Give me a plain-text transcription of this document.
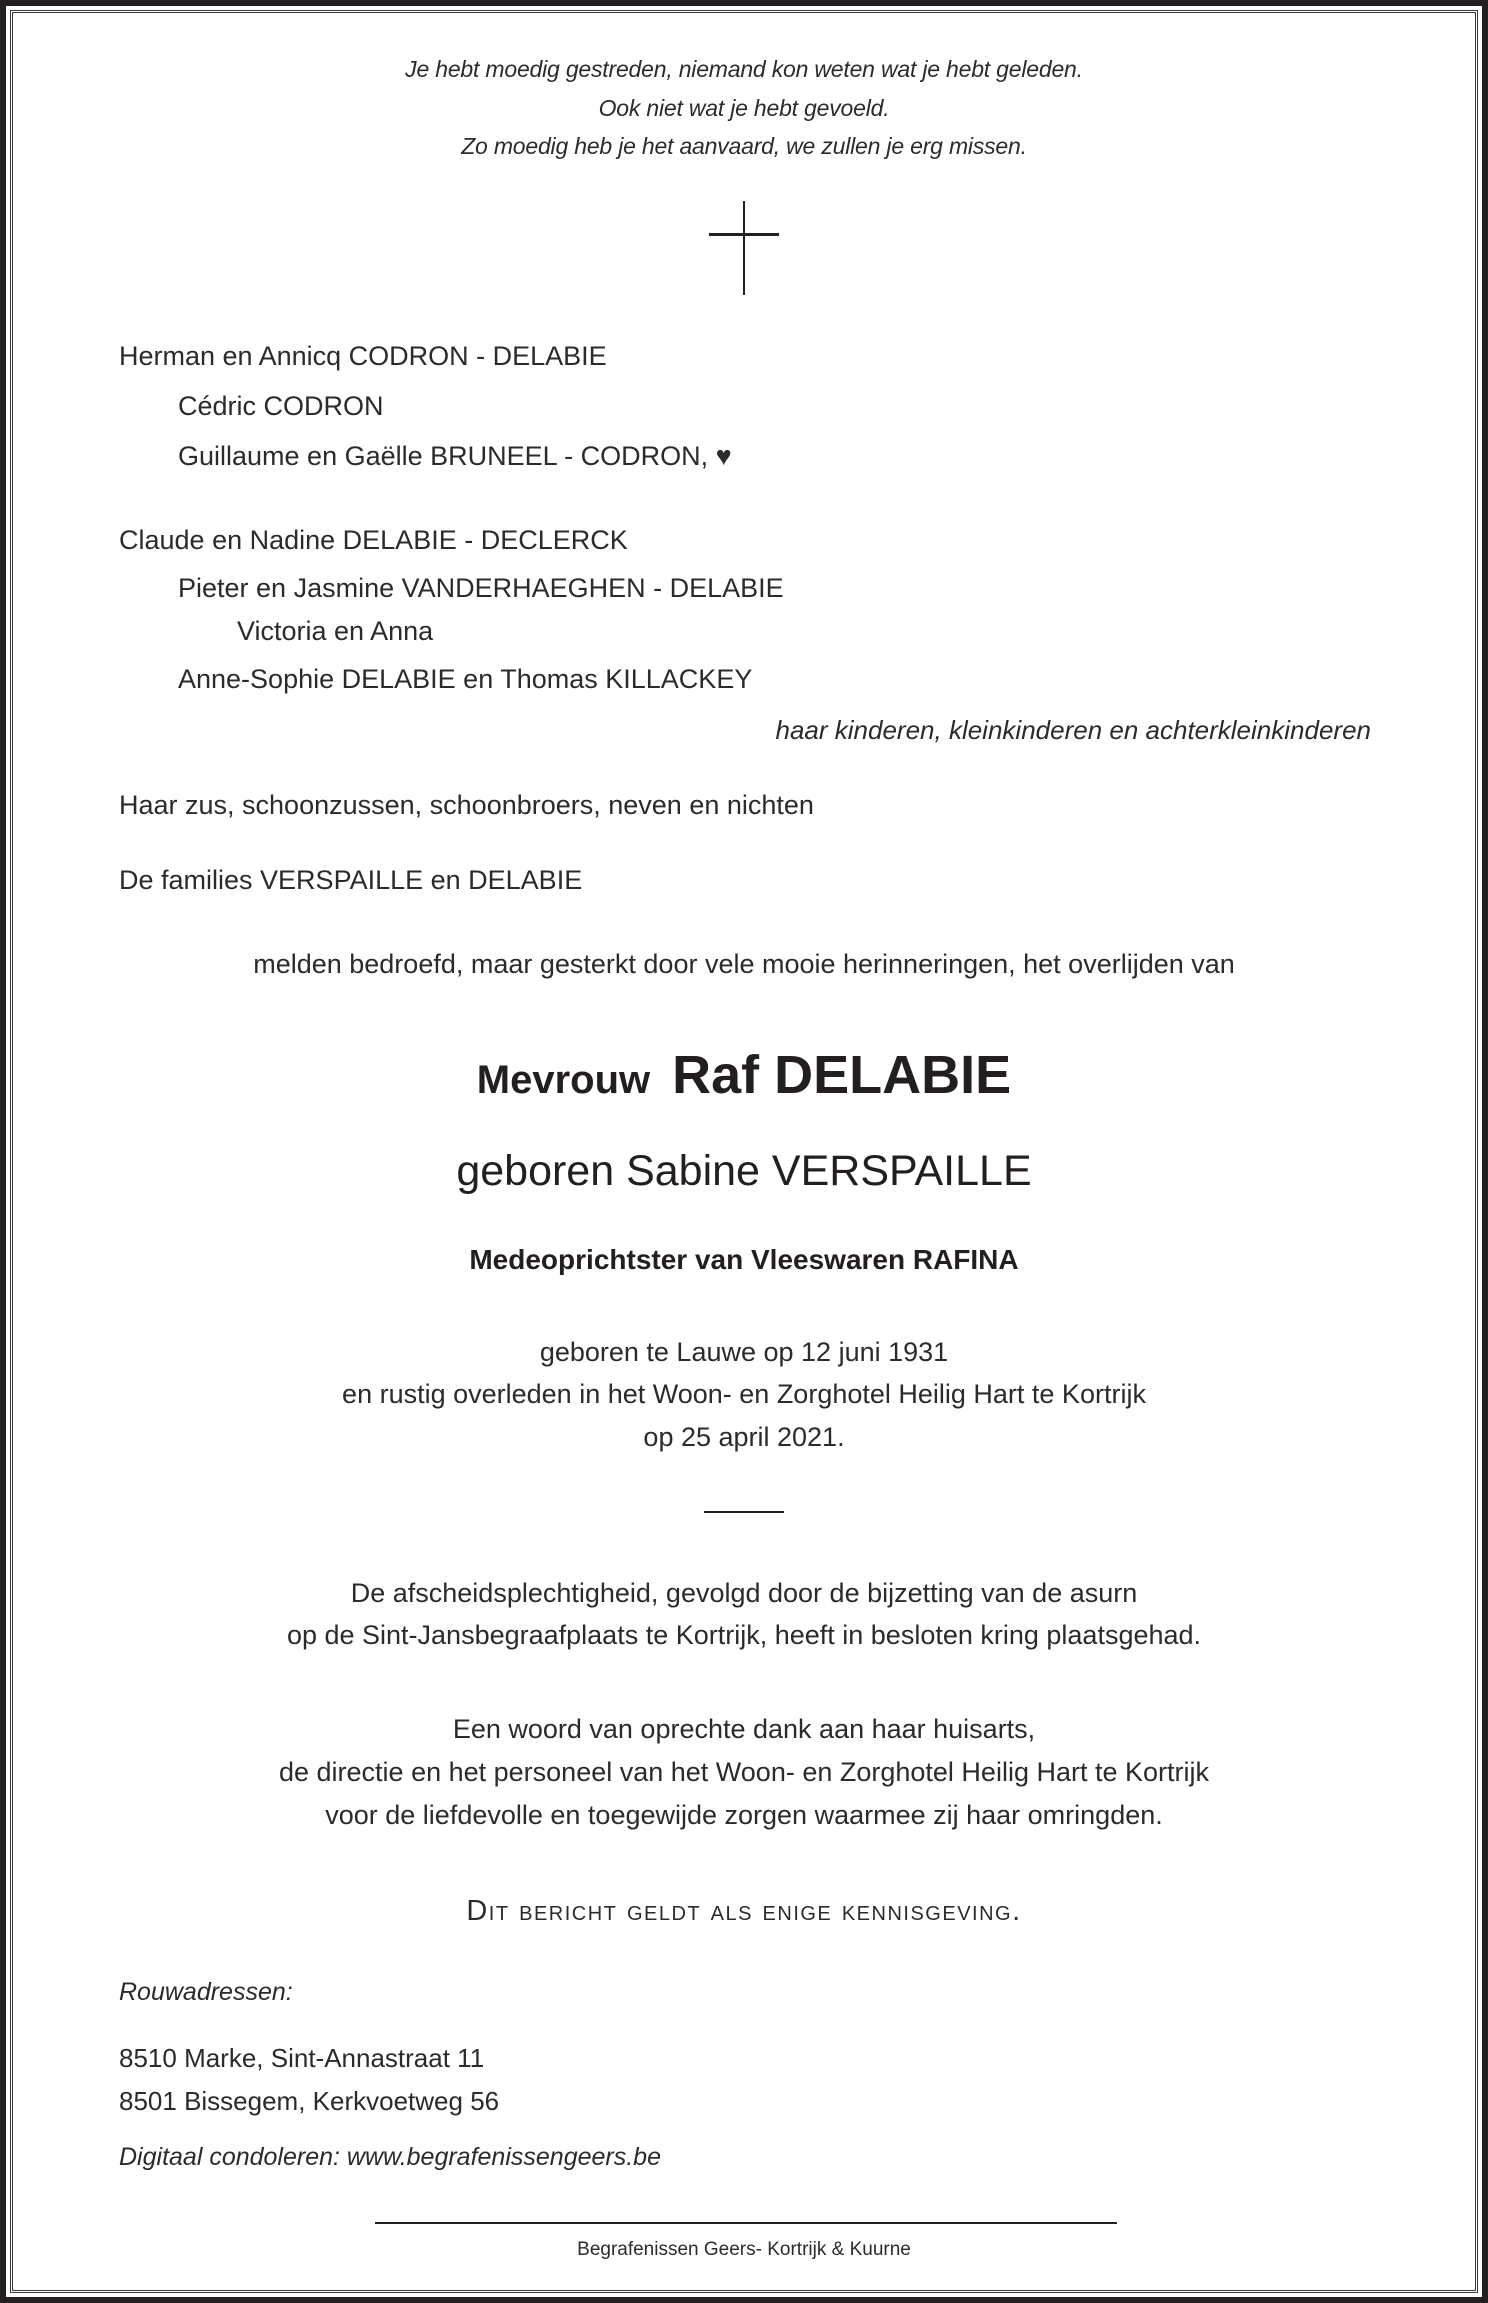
Je hebt moedig gestreden, niemand kon weten wat je hebt geleden.
Ook niet wat je hebt gevoeld.
Zo moedig heb je het aanvaard, we zullen je erg missen.
Herman en Annicq CODRON - DELABIE
Cédric CODRON
Guillaume en Gaëlle BRUNEEL - CODRON, ♥
Claude en Nadine DELABIE - DECLERCK
Pieter en Jasmine VANDERHAEGHEN - DELABIE
Victoria en Anna
Anne-Sophie DELABIE en Thomas KILLACKEY
haar kinderen, kleinkinderen en achterkleinkinderen
Haar zus, schoonzussen, schoonbroers, neven en nichten
De families VERSPAILLE en DELABIE
melden bedroefd, maar gesterkt door vele mooie herinneringen, het overlijden van
Mevrouw Raf DELABIE
geboren Sabine VERSPAILLE
Medeoprichtster van Vleeswaren RAFINA
geboren te Lauwe op 12 juni 1931
en rustig overleden in het Woon- en Zorghotel Heilig Hart te Kortrijk
op 25 april 2021.
De afscheidsplechtigheid, gevolgd door de bijzetting van de asurn
op de Sint-Jansbegraafplaats te Kortrijk, heeft in besloten kring plaatsgehad.
Een woord van oprechte dank aan haar huisarts,
de directie en het personeel van het Woon- en Zorghotel Heilig Hart te Kortrijk
voor de liefdevolle en toegewijde zorgen waarmee zij haar omringden.
Dit bericht geldt als enige kennisgeving.
Rouwadressen:
8510 Marke, Sint-Annastraat 11
8501 Bissegem, Kerkvoetweg 56
Digitaal condoleren: www.begrafenissengeers.be
Begrafenissen Geers- Kortrijk & Kuurne
